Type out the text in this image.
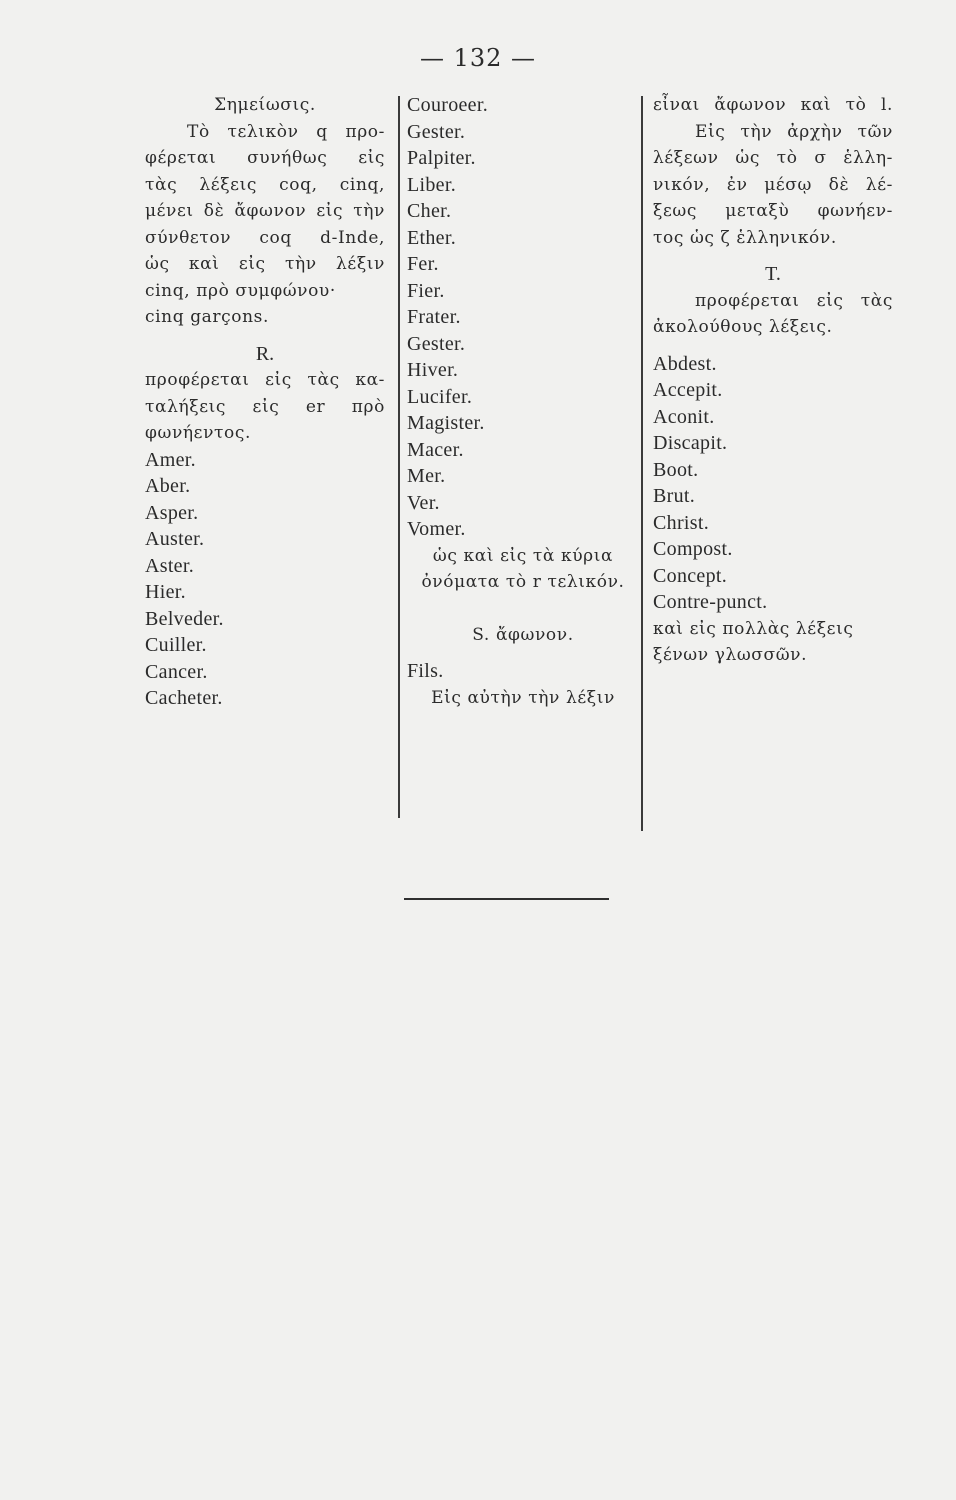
— 132 —
Σημείωσις.
Τὸ τελικὸν q προ-
φέρεται συνήθως εἰς
τὰς λέξεις coq, cinq,
μένει δὲ ἄφωνον εἰς τὴν
σύνθετον coq d-Inde,
ὡς καὶ εἰς τὴν λέξιν
cinq, πρὸ συμφώνου·
cinq garçons.
R.
προφέρεται εἰς τὰς κα-
ταλήξεις εἰς er πρὸ
φωνήεντος.
Amer.
Aber.
Asper.
Auster.
Aster.
Hier.
Belveder.
Cuiller.
Cancer.
Cacheter.
Couroeer.
Gester.
Palpiter.
Liber.
Cher.
Ether.
Fer.
Fier.
Frater.
Gester.
Hiver.
Lucifer.
Magister.
Macer.
Mer.
Ver.
Vomer.
ὡς καὶ εἰς τὰ κύρια
ὀνόματα τὸ r τελικόν.
S. ἄφωνον.
Fils.
Εἰς αὐτὴν τὴν λέξιν
εἶναι ἄφωνον καὶ τὸ l.
Εἰς τὴν ἀρχὴν τῶν
λέξεων ὡς τὸ σ ἑλλη-
νικόν, ἐν μέσῳ δὲ λέ-
ξεως μεταξὺ φωνήεν-
τος ὡς ζ ἑλληνικόν.
T.
προφέρεται εἰς τὰς
ἀκολούθους λέξεις.
Abdest.
Accepit.
Aconit.
Discapit.
Boot.
Brut.
Christ.
Compost.
Concept.
Contre-punct.
καὶ εἰς πολλὰς λέξεις
ξένων γλωσσῶν.
